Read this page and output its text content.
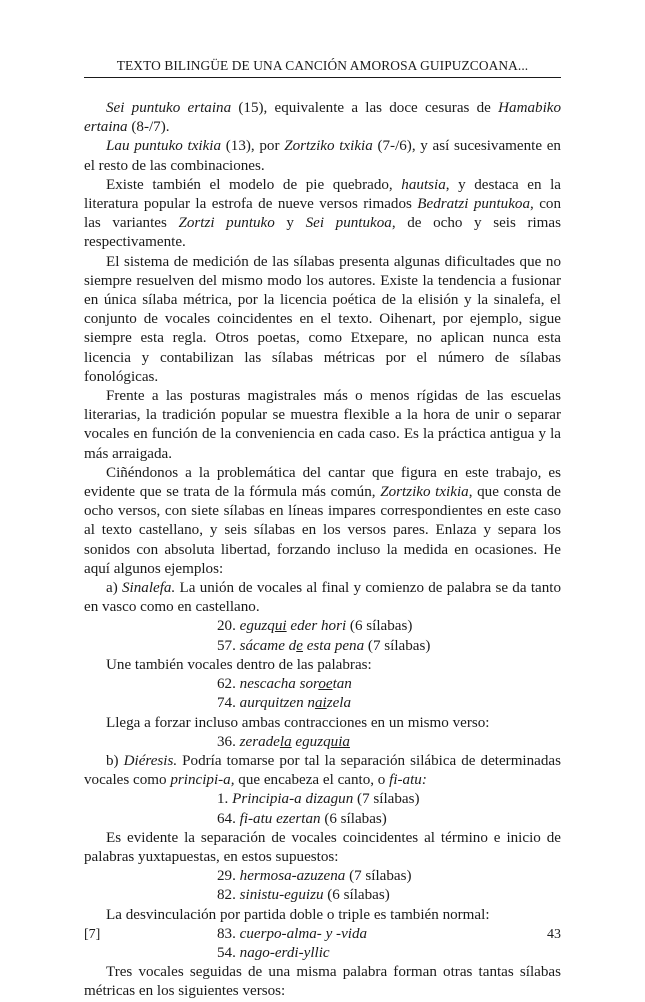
TEXTO BILINGÜE DE UNA CANCIÓN AMOROSA GUIPUZCOANA...

Sei puntuko ertaina (15), equivalente a las doce cesuras de Hamabiko ertaina (8-/7).

Lau puntuko txikia (13), por Zortziko txikia (7-/6), y así sucesivamente en el resto de las combinaciones.

Existe también el modelo de pie quebrado, hautsia, y destaca en la literatura popular la estrofa de nueve versos rimados Bedratzi puntukoa, con las variantes Zortzi puntuko y Sei puntukoa, de ocho y seis rimas respectivamente.

El sistema de medición de las sílabas presenta algunas dificultades que no siempre resuelven del mismo modo los autores. Existe la tendencia a fusionar en única sílaba métrica, por la licencia poética de la elisión y la sinalefa, el conjunto de vocales coincidentes en el texto. Oihenart, por ejemplo, sigue siempre esta regla. Otros poetas, como Etxepare, no aplican nunca esta licencia y contabilizan las sílabas métricas por el número de sílabas fonológicas.

Frente a las posturas magistrales más o menos rígidas de las escuelas literarias, la tradición popular se muestra flexible a la hora de unir o separar vocales en función de la conveniencia en cada caso. Es la práctica antigua y la más arraigada.

Ciñéndonos a la problemática del cantar que figura en este trabajo, es evidente que se trata de la fórmula más común, Zortziko txikia, que consta de ocho versos, con siete sílabas en líneas impares correspondientes en este caso al texto castellano, y seis sílabas en los versos pares. Enlaza y separa los sonidos con absoluta libertad, forzando incluso la medida en ocasiones. He aquí algunos ejemplos:

a) Sinalefa. La unión de vocales al final y comienzo de palabra se da tanto en vasco como en castellano.

20. eguzqui eder hori (6 sílabas)

57. sácame de esta pena (7 sílabas)

Une también vocales dentro de las palabras:

62. nescacha soroetan

74. aurquitzen naizela

Llega a forzar incluso ambas contracciones en un mismo verso:

36. zeradela eguzquia

b) Diéresis. Podría tomarse por tal la separación silábica de determinadas vocales como principi-a, que encabeza el canto, o fi-atu:

1. Principia-a dizagun (7 sílabas)

64. fi-atu ezertan (6 sílabas)

Es evidente la separación de vocales coincidentes al término e inicio de palabras yuxtapuestas, en estos supuestos:

29. hermosa-azuzena (7 sílabas)

82. sinistu-eguizu (6 sílabas)

La desvinculación por partida doble o triple es también normal:

83. cuerpo-alma- y -vida

54. nago-erdi-yllic

Tres vocales seguidas de una misma palabra forman otras tantas sílabas métricas en los siguientes versos:

[7]	43
